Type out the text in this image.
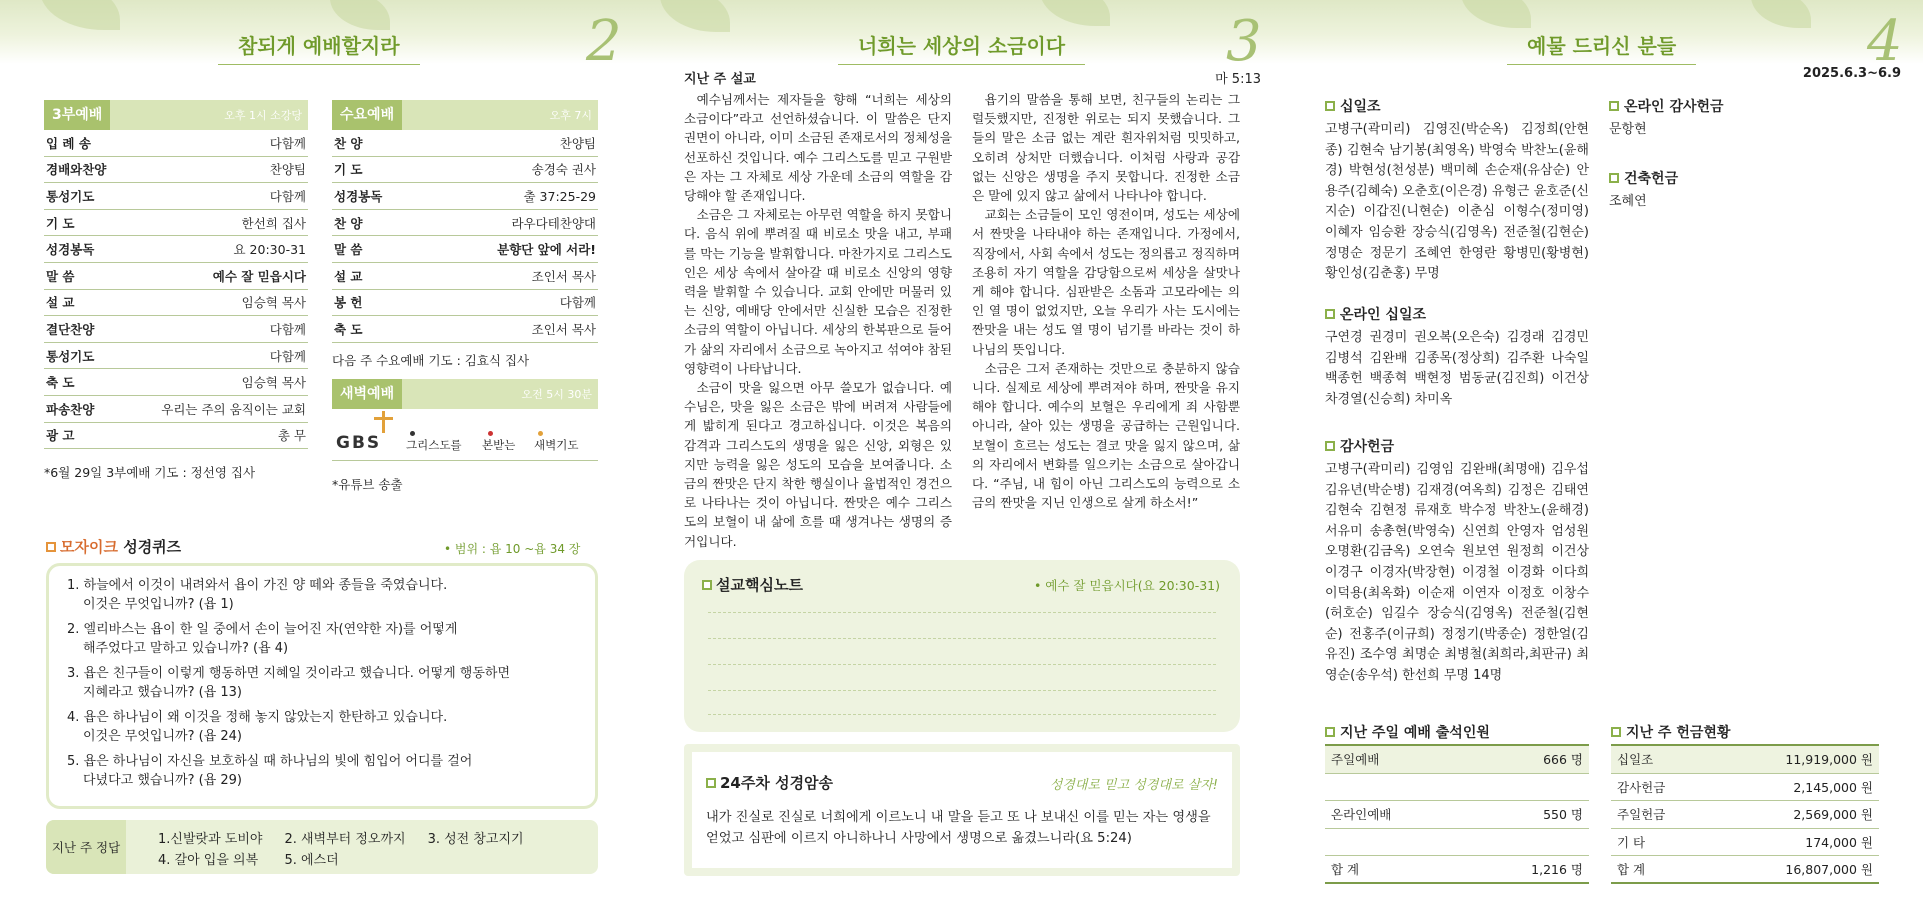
참되게 예배할지라	2
3부예배	오후 1시 소강당
입 례 송	다함께
경배와찬양	찬양팀
통성기도	다함께
기 도	한선희 집사
성경봉독	요 20:30-31
말 씀	예수 잘 믿읍시다
설 교	임승혁 목사
결단찬양	다함께
통성기도	다함께
축 도	임승혁 목사
파송찬양	우리는 주의 움직이는 교회
광 고	총 무
*6월 29일 3부예배 기도 : 정선영 집사
수요예배	오후 7시
찬 양	찬양팀
기 도	송경숙 권사
성경봉독	출 37:25-29
찬 양	라우다테찬양대
말 씀	분향단 앞에 서라!
설 교	조인서 목사
봉 헌	다함께
축 도	조인서 목사
다음 주 수요예배 기도 : 김효식 집사
새벽예배	오전 5시 30분
GBS 그리스도를 본받는 새벽기도
*유튜브 송출
모자이크 성경퀴즈	• 범위 : 욥 10 ~욥 34 장
1. 하늘에서 이것이 내려와서 욥이 가진 양 떼와 종들을 죽였습니다.
이것은 무엇입니까? (욥 1)
2. 엘리바스는 욥이 한 일 중에서 손이 늘어진 자(연약한 자)를 어떻게
해주었다고 말하고 있습니까? (욥 4)
3. 욥은 친구들이 이렇게 행동하면 지혜일 것이라고 했습니다. 어떻게 행동하면
지혜라고 했습니까? (욥 13)
4. 욥은 하나님이 왜 이것을 정해 놓지 않았는지 한탄하고 있습니다.
이것은 무엇입니까? (욥 24)
5. 욥은 하나님이 자신을 보호하실 때 하나님의 빛에 힘입어 어디를 걸어
다녔다고 했습니까? (욥 29)
지난 주 정답
1.신발랏과 도비야 2. 새벽부터 정오까지 3. 성전 창고지기
4. 갈아 입을 의복	5. 에스더
너희는 세상의 소금이다	3
지난 주 설교	마 5:13

예수님께서는 제자들을 향해 “너희는 세상의 소금이다”라고 선언하셨습니다. 이 말씀은 단지 권면이 아니라, 이미 소금된 존재로서의 정체성을 선포하신 것입니다. 예수 그리스도를 믿고 구원받은 자는 그 자체로 세상 가운데 소금의 역할을 감당해야 할 존재입니다.

소금은 그 자체로는 아무런 역할을 하지 못합니다. 음식 위에 뿌려질 때 비로소 맛을 내고, 부패를 막는 기능을 발휘합니다. 마찬가지로 그리스도인은 세상 속에서 살아갈 때 비로소 신앙의 영향력을 발휘할 수 있습니다. 교회 안에만 머물러 있는 신앙, 예배당 안에서만 신실한 모습은 진정한 소금의 역할이 아닙니다. 세상의 한복판으로 들어가 삶의 자리에서 소금으로 녹아지고 섞여야 참된 영향력이 나타납니다.

소금이 맛을 잃으면 아무 쓸모가 없습니다. 예수님은, 맛을 잃은 소금은 밖에 버려져 사람들에게 밟히게 된다고 경고하십니다. 이것은 복음의 감격과 그리스도의 생명을 잃은 신앙, 외형은 있지만 능력을 잃은 성도의 모습을 보여줍니다. 소금의 짠맛은 단지 착한 행실이나 율법적인 경건으로 나타나는 것이 아닙니다. 짠맛은 예수 그리스도의 보혈이 내 삶에 흐를 때 생겨나는 생명의 증거입니다.

욥기의 말씀을 통해 보면, 친구들의 논리는 그럴듯했지만, 진정한 위로는 되지 못했습니다. 그들의 말은 소금 없는 계란 흰자위처럼 밋밋하고, 오히려 상처만 더했습니다. 이처럼 사랑과 공감 없는 신앙은 생명을 주지 못합니다. 진정한 소금은 말에 있지 않고 삶에서 나타나야 합니다.

교회는 소금들이 모인 영전이며, 성도는 세상에서 짠맛을 나타내야 하는 존재입니다. 가정에서, 직장에서, 사회 속에서 성도는 정의롭고 정직하며 조용히 자기 역할을 감당함으로써 세상을 살맛나게 해야 합니다. 심판받은 소돔과 고모라에는 의인 열 명이 없었지만, 오늘 우리가 사는 도시에는 짠맛을 내는 성도 열 명이 넘기를 바라는 것이 하나님의 뜻입니다.

소금은 그저 존재하는 것만으로 충분하지 않습니다. 실제로 세상에 뿌려져야 하며, 짠맛을 유지해야 합니다. 예수의 보혈은 우리에게 죄 사함뿐 아니라, 살아 있는 생명을 공급하는 근원입니다. 보혈이 흐르는 성도는 결코 맛을 잃지 않으며, 삶의 자리에서 변화를 일으키는 소금으로 살아갑니다. “주님, 내 힘이 아닌 그리스도의 능력으로 소금의 짠맛을 지닌 인생으로 살게 하소서!”

설교핵심노트	• 예수 잘 믿읍시다(요 20:30-31)
24주차 성경암송	성경대로 믿고 성경대로 살자!
내가 진실로 진실로 너희에게 이르노니 내 말을 듣고 또 나 보내신 이를 믿는 자는 영생을 얻었고 심판에 이르지 아니하나니 사망에서 생명으로 옮겼느니라(요 5:24)
예물 드리신 분들	4
2025.6.3~6.9
십일조
고병구(곽미리) 김영진(박순옥) 김정희(안현종) 김현숙 남기봉(최영옥) 박영숙 박찬노(윤해경) 박현성(천성분) 백미혜 손순재(유삼순) 안용주(김혜숙) 오춘호(이은경) 유형근 윤호준(신지순) 이갑진(니현순) 이춘심 이형수(정미영) 이혜자 임승환 장승식(김영옥) 전준철(김현순) 정명순 정문기 조혜연 한영란 황병민(황병현) 황인성(김춘홍) 무명
온라인 십일조
구연경 권경미 권오복(오은숙) 김경래 김경민 김병석 김완배 김종목(정상희) 김주환 나숙일 백종헌 백종혁 백현정 범동균(김진희) 이건상 차경열(신승희) 차미옥
감사헌금
고병구(곽미리) 김영임 김완배(최명애) 김우섭 김유년(박순병) 김재경(여옥희) 김정은 김태연 김현숙 김현정 류재호 박수정 박찬노(윤해경) 서유미 송총현(박영숙) 신연희 안영자 엄성원 오명환(김금옥) 오연숙 원보연 원정희 이건상 이경구 이경자(박장현) 이경철 이경화 이다희 이덕용(최옥화) 이순재 이연자 이정호 이창수(허호순) 임길수 장승식(김영옥) 전준철(김현순) 전홍주(이규희) 정정기(박종순) 정한얼(김유진) 조수영 최명순 최병철(최희라,최판규) 최영순(송우석) 한선희 무명 14명
온라인 감사헌금
문항현
건축헌금
조혜연
지난 주일 예배 출석인원
주일예배	666 명
온라인예배	550 명
합 계	1,216 명
지난 주 헌금현황
십일조	11,919,000 원
감사헌금	2,145,000 원
주일헌금	2,569,000 원
기 타	174,000 원
합 계	16,807,000 원
